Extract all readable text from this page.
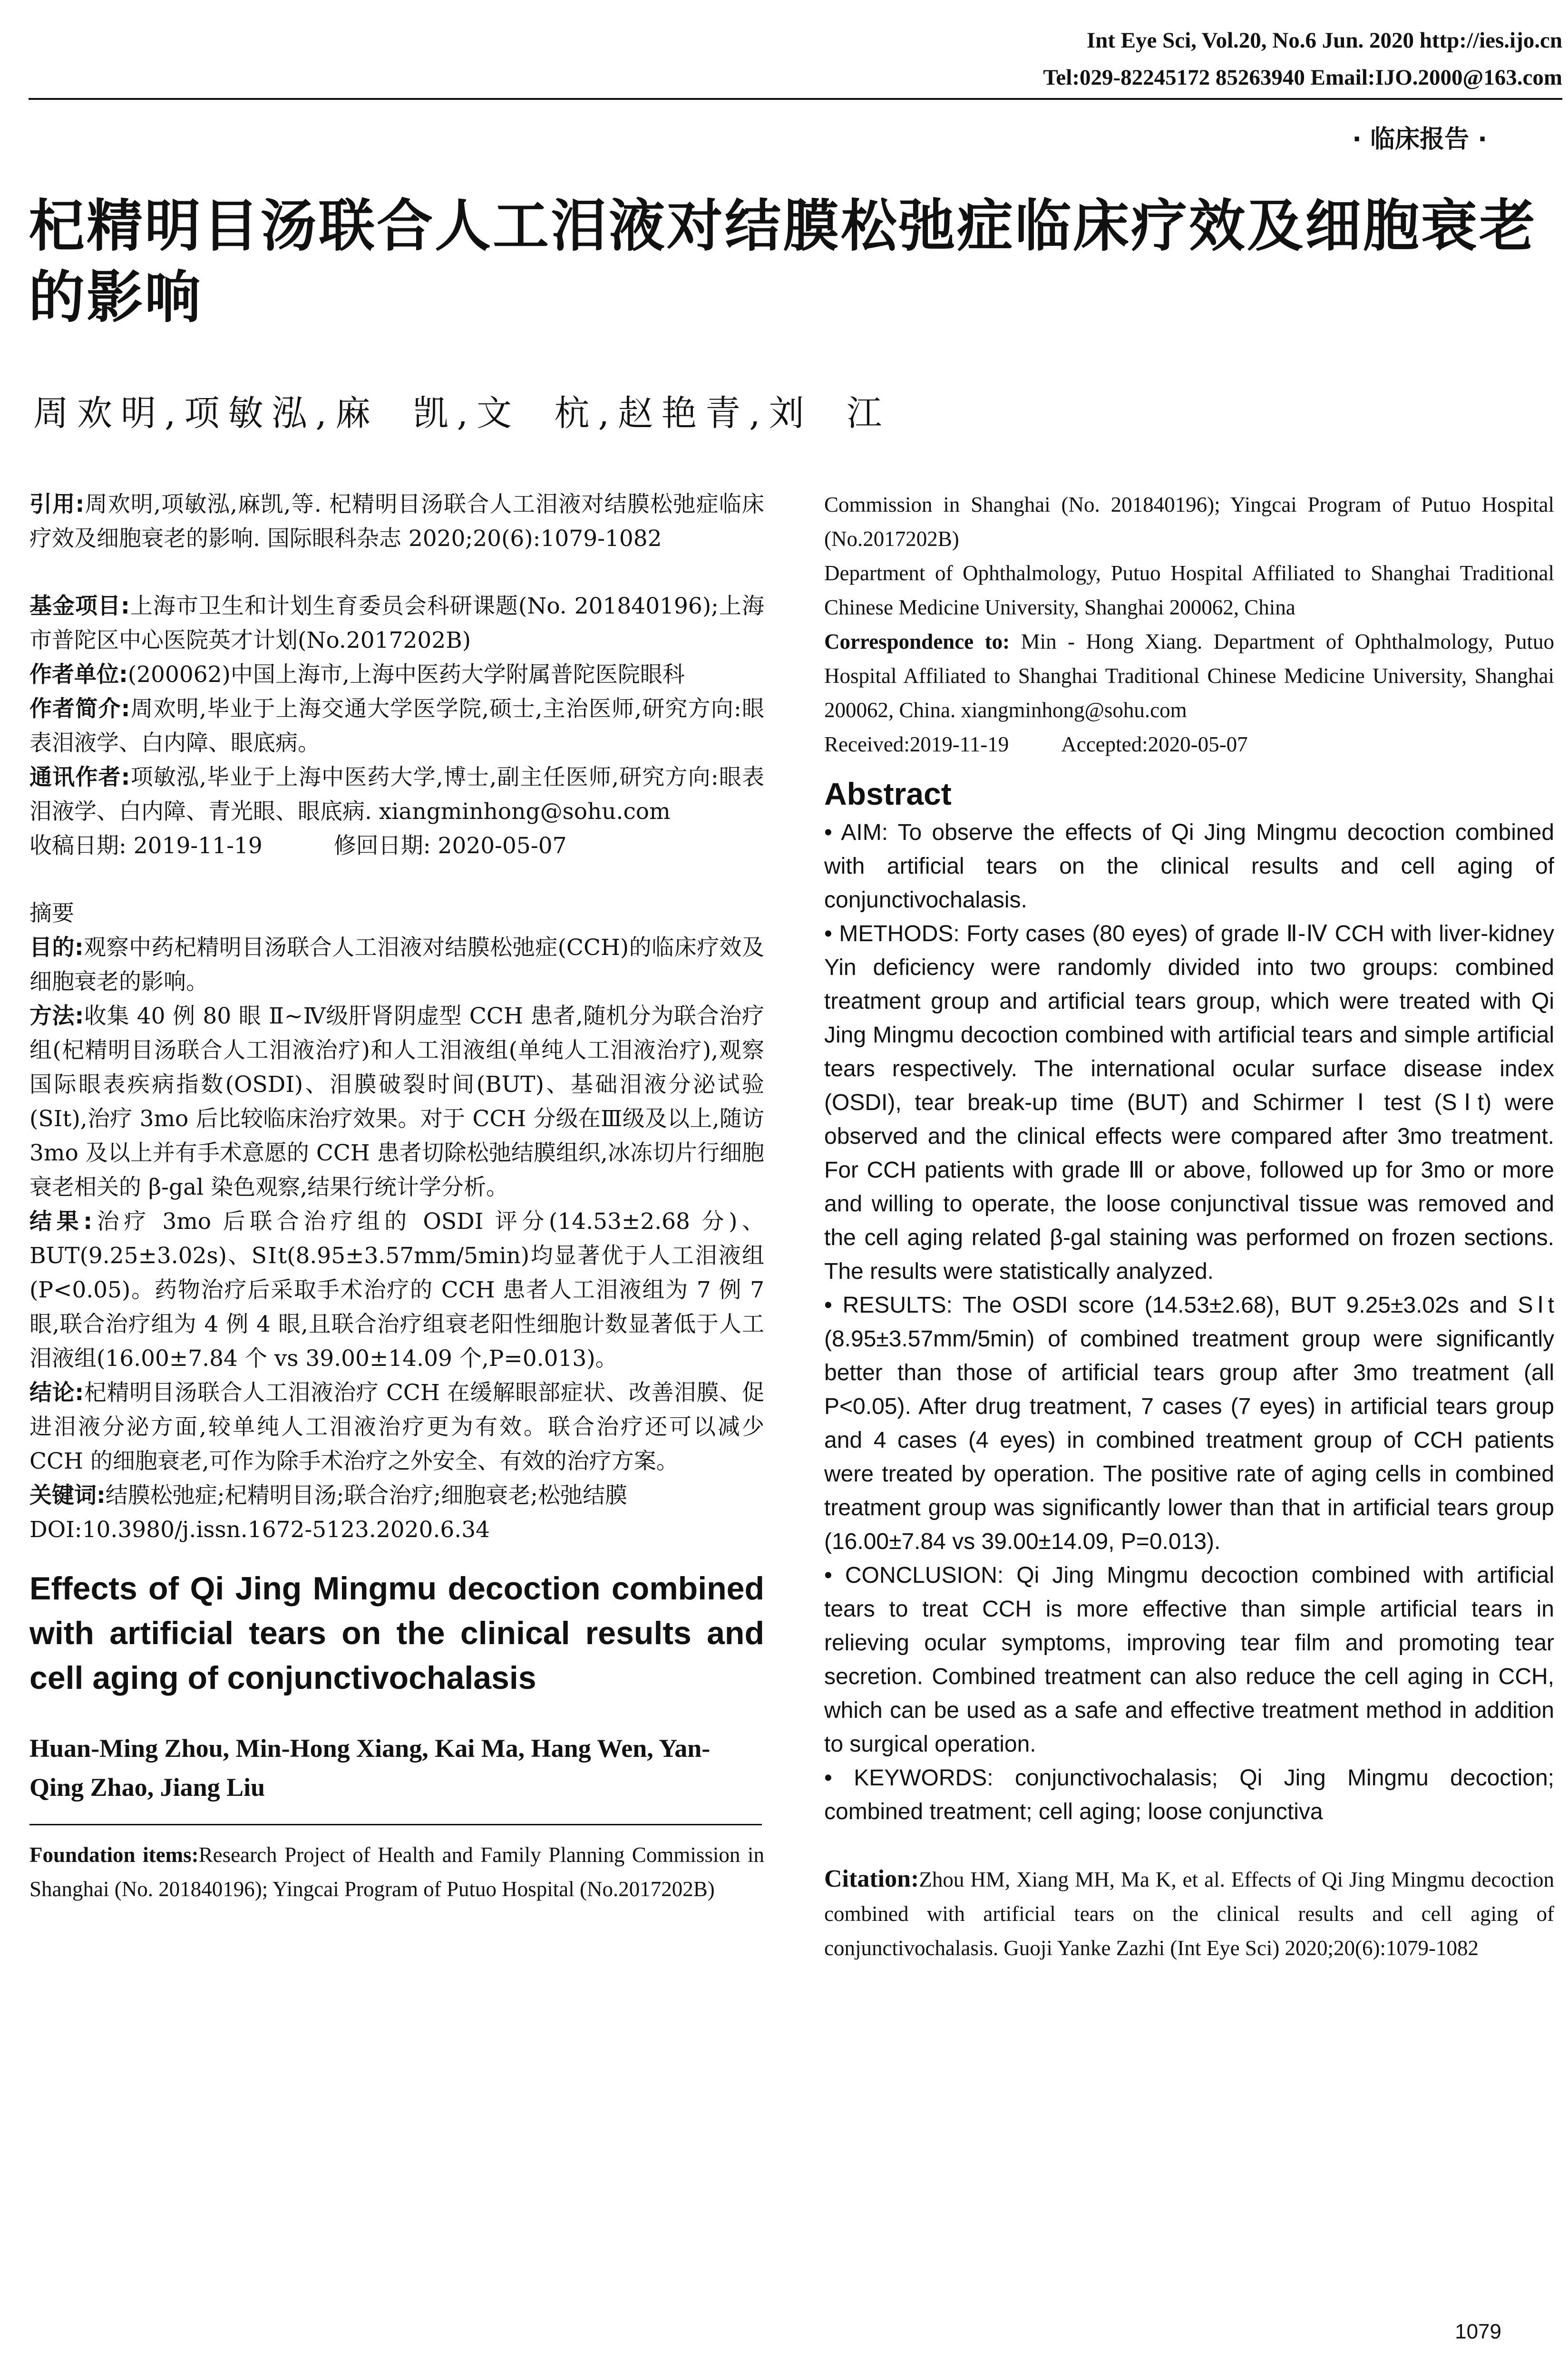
Int Eye Sci, Vol.20, No.6 Jun. 2020 http://ies.ijo.cn
Tel:029-82245172 85263940 Email:IJO.2000@163.com
· 临床报告 ·
杞精明目汤联合人工泪液对结膜松弛症临床疗效及细胞衰老的影响
周欢明,项敏泓,麻 凯,文 杭,赵艳青,刘 江

引用:周欢明,项敏泓,麻凯,等. 杞精明目汤联合人工泪液对结膜松弛症临床疗效及细胞衰老的影响. 国际眼科杂志 2020;20(6):1079-1082

基金项目:上海市卫生和计划生育委员会科研课题(No. 201840196);上海市普陀区中心医院英才计划(No.2017202B)

作者单位:(200062)中国上海市,上海中医药大学附属普陀医院眼科

作者简介:周欢明,毕业于上海交通大学医学院,硕士,主治医师,研究方向:眼表泪液学、白内障、眼底病。

通讯作者:项敏泓,毕业于上海中医药大学,博士,副主任医师,研究方向:眼表泪液学、白内障、青光眼、眼底病. xiangminhong@sohu.com

收稿日期: 2019-11-19	修回日期: 2020-05-07

摘要

目的:观察中药杞精明目汤联合人工泪液对结膜松弛症(CCH)的临床疗效及细胞衰老的影响。

方法:收集 40 例 80 眼 Ⅱ~Ⅳ级肝肾阴虚型 CCH 患者,随机分为联合治疗组(杞精明目汤联合人工泪液治疗)和人工泪液组(单纯人工泪液治疗),观察国际眼表疾病指数(OSDI)、泪膜破裂时间(BUT)、基础泪液分泌试验(SⅠt),治疗 3mo 后比较临床治疗效果。对于 CCH 分级在Ⅲ级及以上,随访 3mo 及以上并有手术意愿的 CCH 患者切除松弛结膜组织,冰冻切片行细胞衰老相关的 β-gal 染色观察,结果行统计学分析。

结果:治疗 3mo 后联合治疗组的 OSDI 评分(14.53±2.68 分)、BUT(9.25±3.02s)、SⅠt(8.95±3.57mm/5min)均显著优于人工泪液组(P<0.05)。药物治疗后采取手术治疗的 CCH 患者人工泪液组为 7 例 7 眼,联合治疗组为 4 例 4 眼,且联合治疗组衰老阳性细胞计数显著低于人工泪液组(16.00±7.84 个 vs 39.00±14.09 个,P=0.013)。

结论:杞精明目汤联合人工泪液治疗 CCH 在缓解眼部症状、改善泪膜、促进泪液分泌方面,较单纯人工泪液治疗更为有效。联合治疗还可以减少 CCH 的细胞衰老,可作为除手术治疗之外安全、有效的治疗方案。

关键词:结膜松弛症;杞精明目汤;联合治疗;细胞衰老;松弛结膜

DOI:10.3980/j.issn.1672-5123.2020.6.34

Effects of Qi Jing Mingmu decoction combined with artificial tears on the clinical results and cell aging of conjunctivochalasis
Huan-Ming Zhou, Min-Hong Xiang, Kai Ma, Hang Wen, Yan-Qing Zhao, Jiang Liu

Foundation items:Research Project of Health and Family Planning Commission in Shanghai (No. 201840196); Yingcai Program of Putuo Hospital (No.2017202B)

Commission in Shanghai (No. 201840196); Yingcai Program of Putuo Hospital (No.2017202B)

Department of Ophthalmology, Putuo Hospital Affiliated to Shanghai Traditional Chinese Medicine University, Shanghai 200062, China

Correspondence to: Min - Hong Xiang. Department of Ophthalmology, Putuo Hospital Affiliated to Shanghai Traditional Chinese Medicine University, Shanghai 200062, China. xiangminhong@sohu.com

Received:2019-11-19 Accepted:2020-05-07

Abstract

• AIM: To observe the effects of Qi Jing Mingmu decoction combined with artificial tears on the clinical results and cell aging of conjunctivochalasis.

• METHODS: Forty cases (80 eyes) of grade Ⅱ-Ⅳ CCH with liver-kidney Yin deficiency were randomly divided into two groups: combined treatment group and artificial tears group, which were treated with Qi Jing Mingmu decoction combined with artificial tears and simple artificial tears respectively. The international ocular surface disease index (OSDI), tear break-up time (BUT) and Schirmer Ⅰ test (SⅠt) were observed and the clinical effects were compared after 3mo treatment. For CCH patients with grade Ⅲ or above, followed up for 3mo or more and willing to operate, the loose conjunctival tissue was removed and the cell aging related β-gal staining was performed on frozen sections. The results were statistically analyzed.

• RESULTS: The OSDI score (14.53±2.68), BUT 9.25±3.02s and SⅠt (8.95±3.57mm/5min) of combined treatment group were significantly better than those of artificial tears group after 3mo treatment (all P<0.05). After drug treatment, 7 cases (7 eyes) in artificial tears group and 4 cases (4 eyes) in combined treatment group of CCH patients were treated by operation. The positive rate of aging cells in combined treatment group was significantly lower than that in artificial tears group (16.00±7.84 vs 39.00±14.09, P=0.013).

• CONCLUSION: Qi Jing Mingmu decoction combined with artificial tears to treat CCH is more effective than simple artificial tears in relieving ocular symptoms, improving tear film and promoting tear secretion. Combined treatment can also reduce the cell aging in CCH, which can be used as a safe and effective treatment method in addition to surgical operation.

• KEYWORDS: conjunctivochalasis; Qi Jing Mingmu decoction; combined treatment; cell aging; loose conjunctiva

Citation:Zhou HM, Xiang MH, Ma K, et al. Effects of Qi Jing Mingmu decoction combined with artificial tears on the clinical results and cell aging of conjunctivochalasis. Guoji Yanke Zazhi (Int Eye Sci) 2020;20(6):1079-1082

1079
